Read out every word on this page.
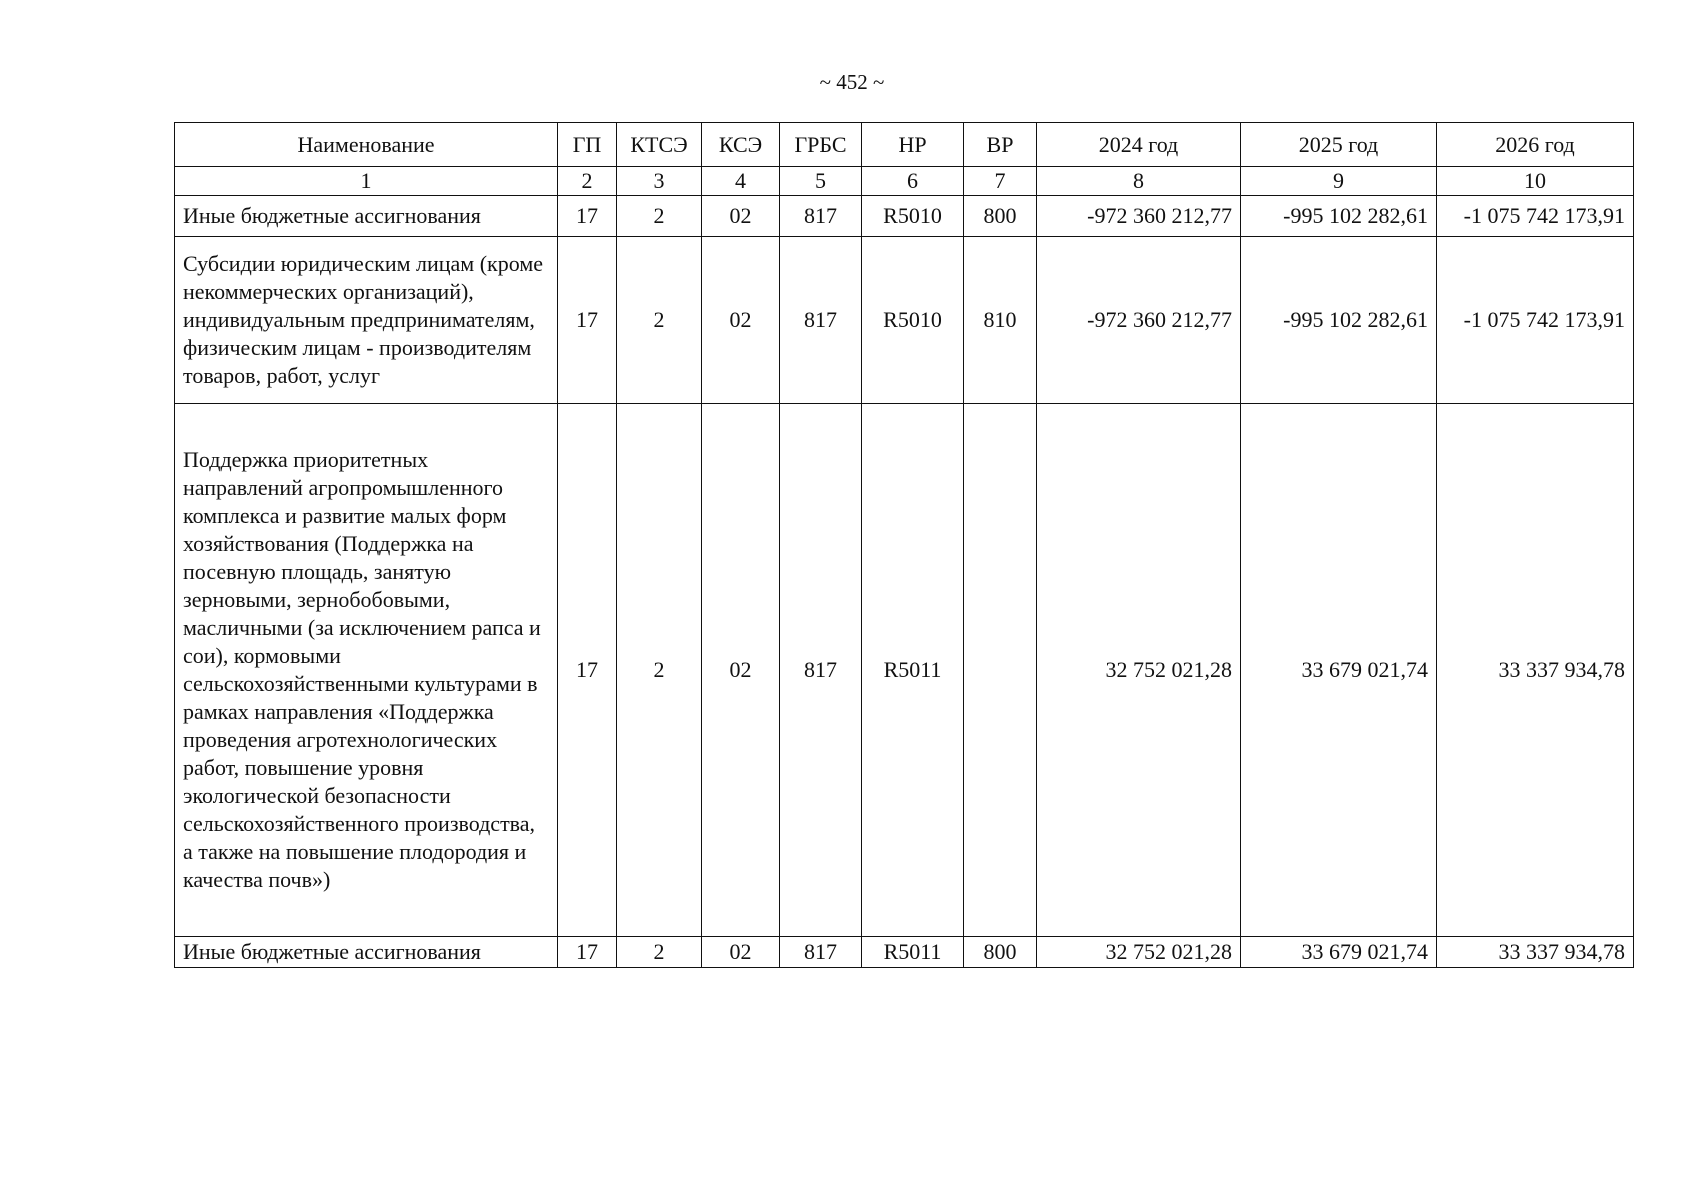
~ 452 ~
Наименование	ГП	КТСЭ	КСЭ	ГРБС	НР	ВР	2024 год	2025 год	2026 год
1	2	3	4	5	6	7	8	9	10
Иные бюджетные ассигнования	17	2	02	817	R5010	800	-972 360 212,77	-995 102 282,61	-1 075 742 173,91
Субсидии юридическим лицам (кроме некоммерческих организаций), индивидуальным предпринимателям, физическим лицам - производителям товаров, работ, услуг	17	2	02	817	R5010	810	-972 360 212,77	-995 102 282,61	-1 075 742 173,91
Поддержка приоритетных направлений агропромышленного комплекса и развитие малых форм хозяйствования (Поддержка на посевную площадь, занятую зерновыми, зернобобовыми, масличными (за исключением рапса и сои), кормовыми сельскохозяйственными культурами в рамках направления «Поддержка проведения агротехнологических работ, повышение уровня экологической безопасности сельскохозяйственного производства, а также на повышение плодородия и качества почв»)	17	2	02	817	R5011		32 752 021,28	33 679 021,74	33 337 934,78
Иные бюджетные ассигнования	17	2	02	817	R5011	800	32 752 021,28	33 679 021,74	33 337 934,78
